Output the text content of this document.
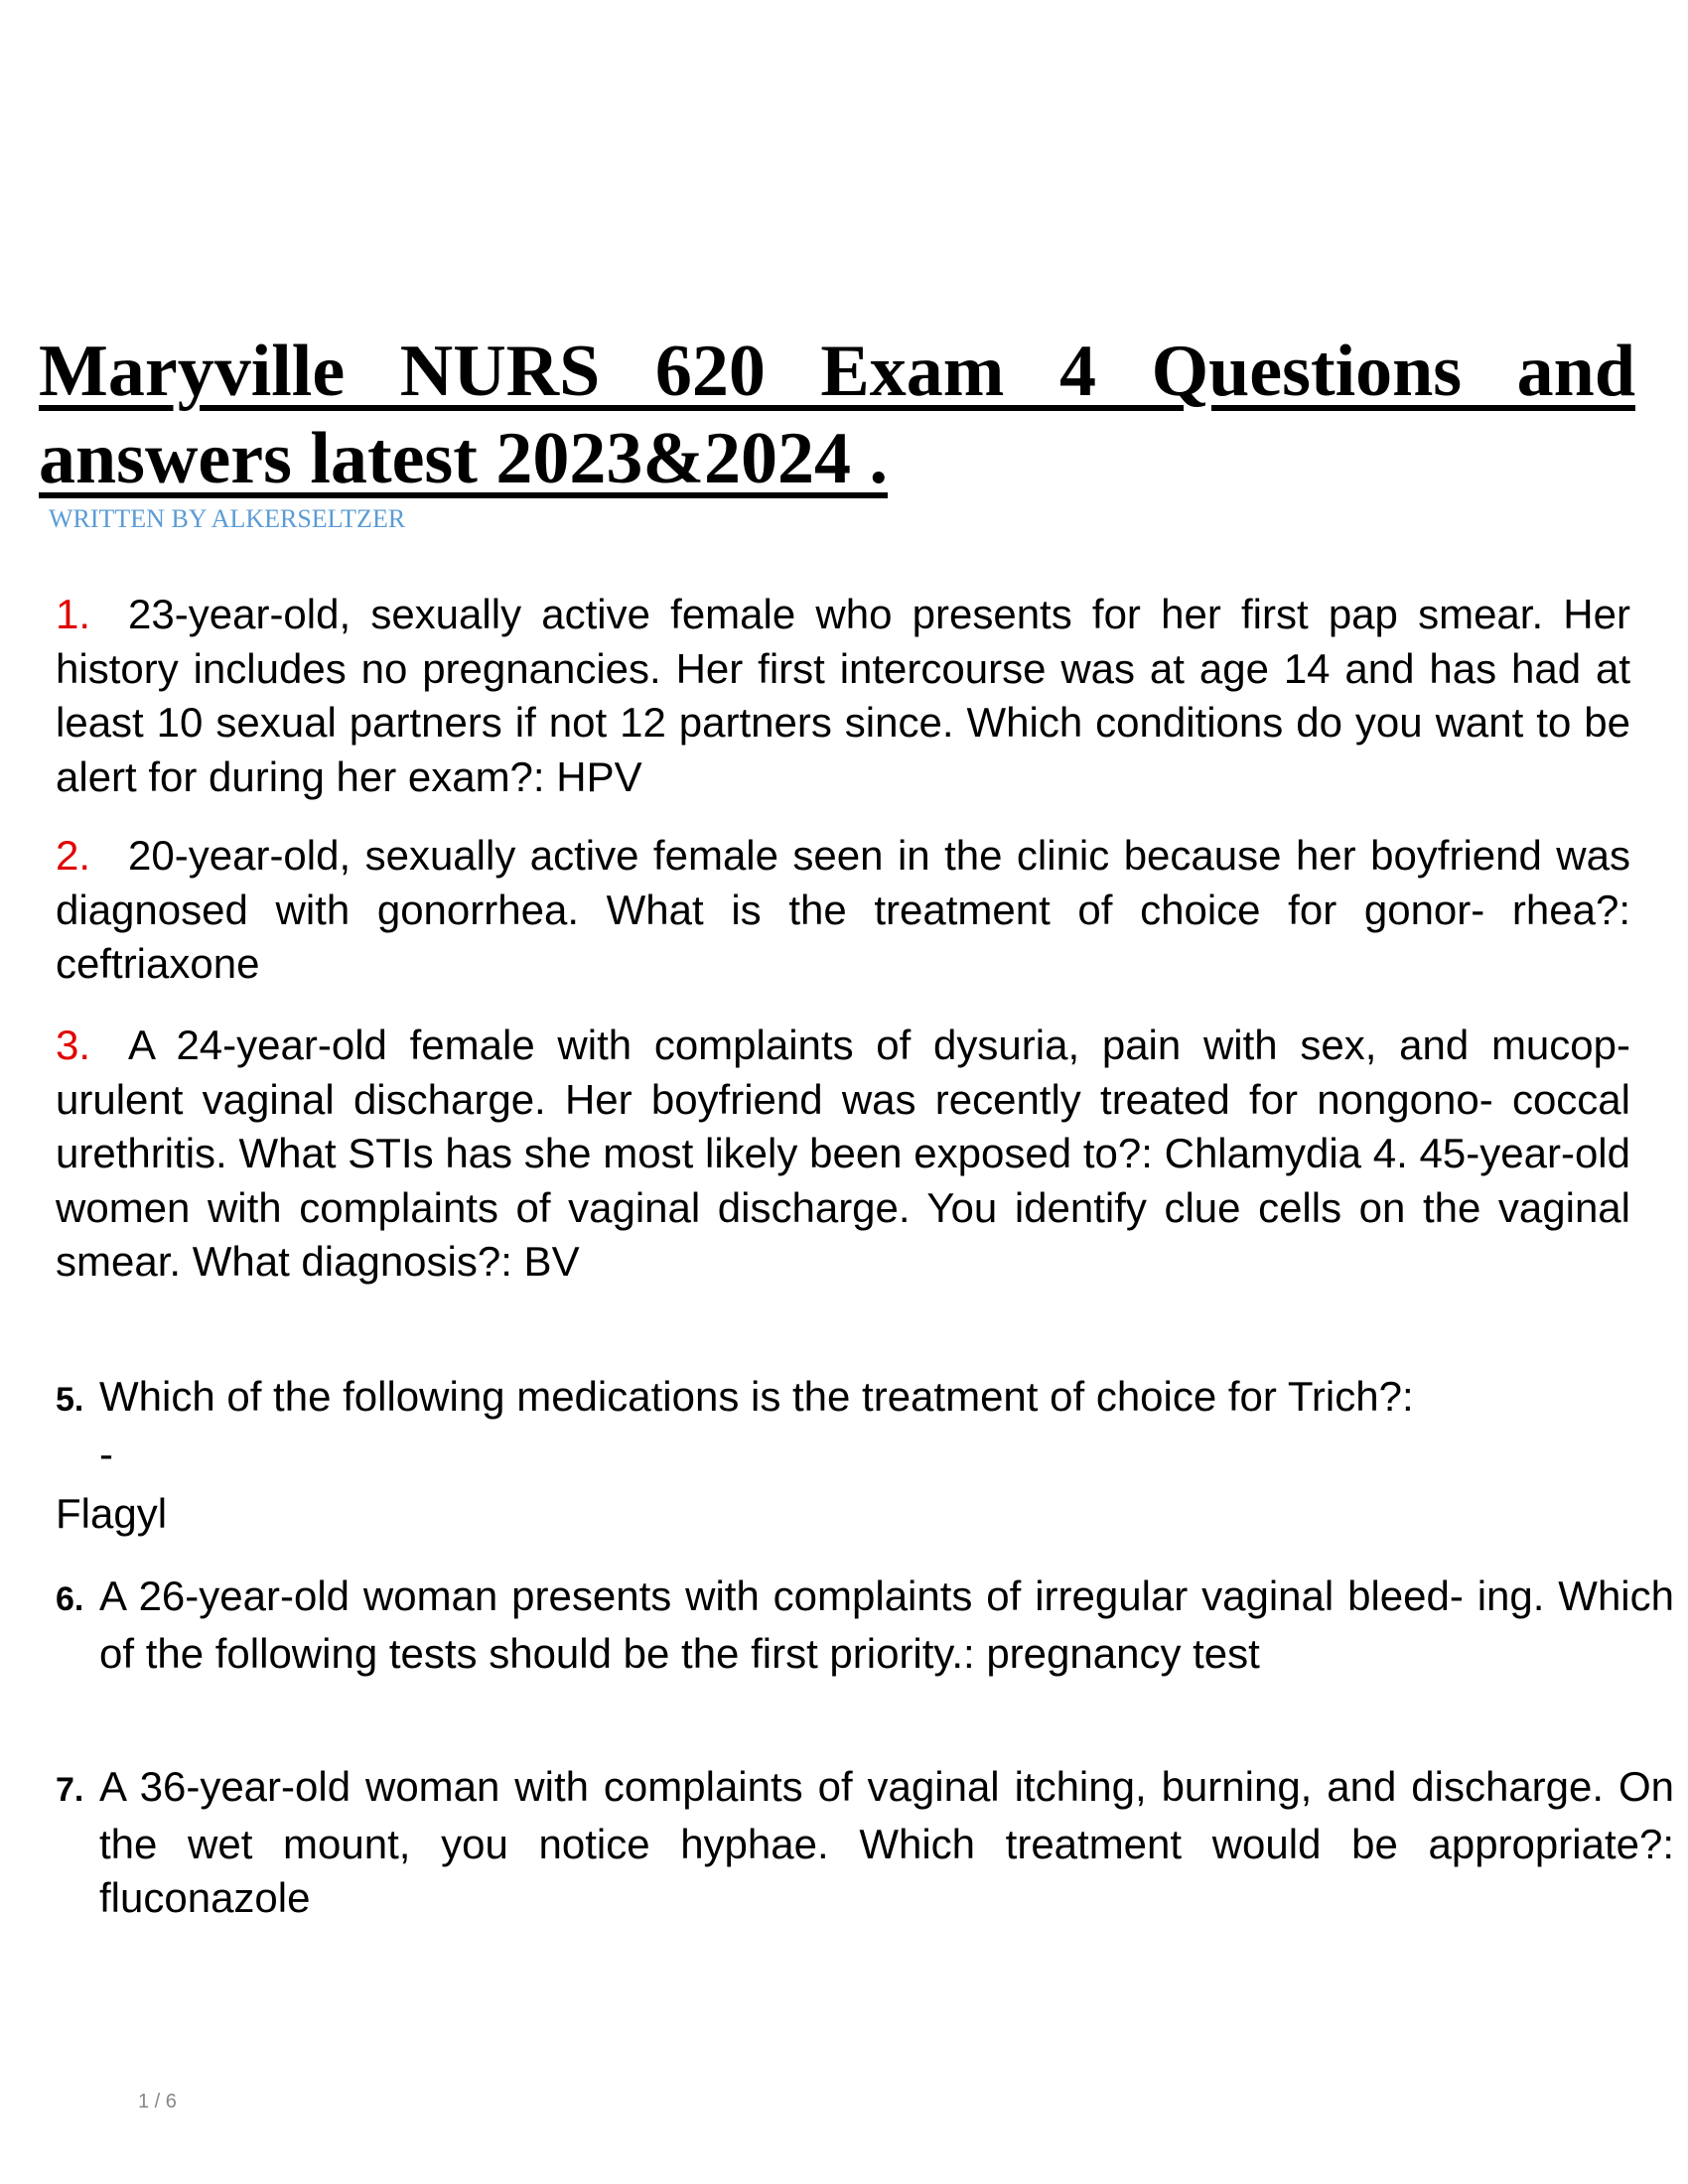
Maryville NURS 620 Exam 4 Questions and answers latest 2023&2024 .
WRITTEN BY ALKERSELTZER
1. 23-year-old, sexually active female who presents for her first pap smear. Her history includes no pregnancies. Her first intercourse was at age 14 and has had at least 10 sexual partners if not 12 partners since. Which conditions do you want to be alert for during her exam?: HPV
2. 20-year-old, sexually active female seen in the clinic because her boyfriend was diagnosed with gonorrhea. What is the treatment of choice for gonor- rhea?: ceftriaxone
3. A 24-year-old female with complaints of dysuria, pain with sex, and mucop- urulent vaginal discharge. Her boyfriend was recently treated for nongono- coccal urethritis. What STIs has she most likely been exposed to?: Chlamydia 4. 45-year-old women with complaints of vaginal discharge. You identify clue cells on the vaginal smear. What diagnosis?: BV
5. Which of the following medications is the treatment of choice for Trich?:
-
Flagyl
6. A 26-year-old woman presents with complaints of irregular vaginal bleed- ing. Which of the following tests should be the first priority.: pregnancy test
7. A 36-year-old woman with complaints of vaginal itching, burning, and discharge. On the wet mount, you notice hyphae. Which treatment would be appropriate?: fluconazole
1 / 6
